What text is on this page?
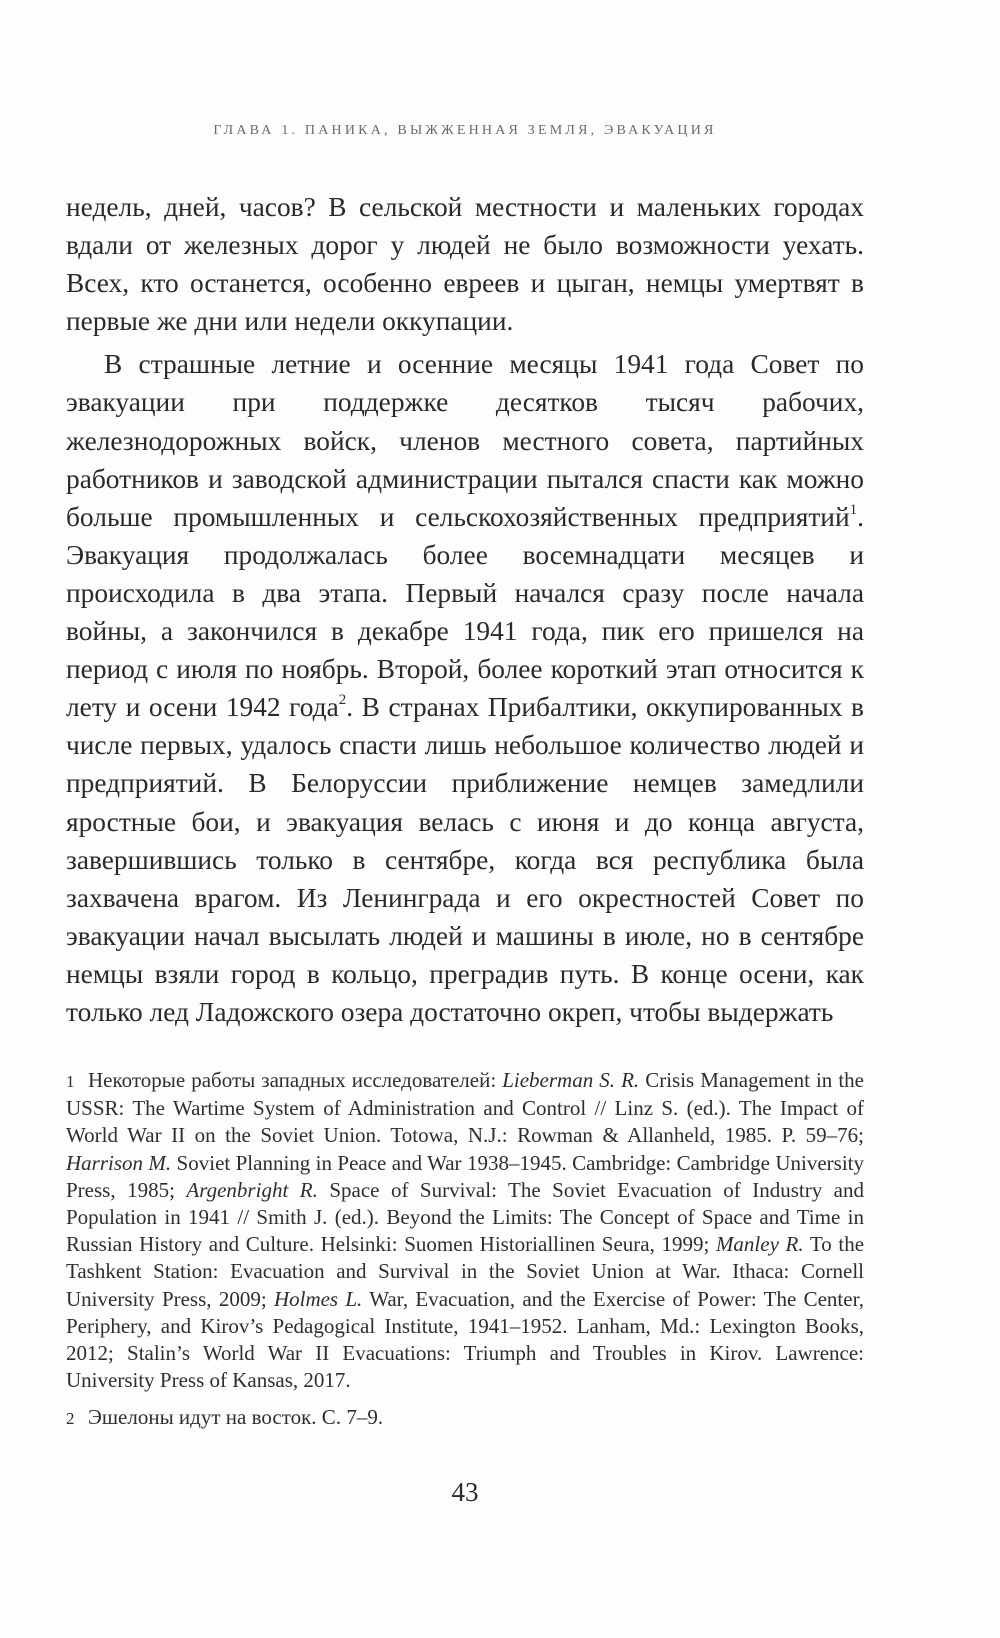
ГЛАВА 1. ПАНИКА, ВЫЖЖЕННАЯ ЗЕМЛЯ, ЭВАКУАЦИЯ

недель, дней, часов? В сельской местности и маленьких городах вдали от железных дорог у людей не было возможности уехать. Всех, кто останется, особенно евреев и цыган, немцы умертвят в первые же дни или недели оккупации.

В страшные летние и осенние месяцы 1941 года Совет по эвакуации при поддержке десятков тысяч рабочих, железнодорожных войск, членов местного совета, партийных работников и заводской администрации пытался спасти как можно больше промышленных и сельскохозяйственных предприятий$^1$. Эвакуация продолжалась более восемнадцати месяцев и происходила в два этапа. Первый начался сразу после начала войны, а закончился в декабре 1941 года, пик его пришелся на период с июля по ноябрь. Второй, более короткий этап относится к лету и осени 1942 года$^2$. В странах Прибалтики, оккупированных в числе первых, удалось спасти лишь небольшое количество людей и предприятий. В Белоруссии приближение немцев замедлили яростные бои, и эвакуация велась с июня и до конца августа, завершившись только в сентябре, когда вся республика была захвачена врагом. Из Ленинграда и его окрестностей Совет по эвакуации начал высылать людей и машины в июле, но в сентябре немцы взяли город в кольцо, преградив путь. В конце осени, как только лед Ладожского озера достаточно окреп, чтобы выдержать

1 Некоторые работы западных исследователей: Lieberman S. R. Crisis Management in the USSR: The Wartime System of Administration and Control // Linz S. (ed.). The Impact of World War II on the Soviet Union. Totowa, N.J.: Rowman & Allanheld, 1985. P. 59–76; Harrison M. Soviet Planning in Peace and War 1938–1945. Cambridge: Cambridge University Press, 1985; Argenbright R. Space of Survival: The Soviet Evacuation of Industry and Population in 1941 // Smith J. (ed.). Beyond the Limits: The Concept of Space and Time in Russian History and Culture. Helsinki: Suomen Historiallinen Seura, 1999; Manley R. To the Tashkent Station: Evacuation and Survival in the Soviet Union at War. Ithaca: Cornell University Press, 2009; Holmes L. War, Evacuation, and the Exercise of Power: The Center, Periphery, and Kirov’s Pedagogical Institute, 1941–1952. Lanham, Md.: Lexington Books, 2012; Stalin’s World War II Evacuations: Triumph and Troubles in Kirov. Lawrence: University Press of Kansas, 2017.
2 Эшелоны идут на восток. С. 7–9.
43
